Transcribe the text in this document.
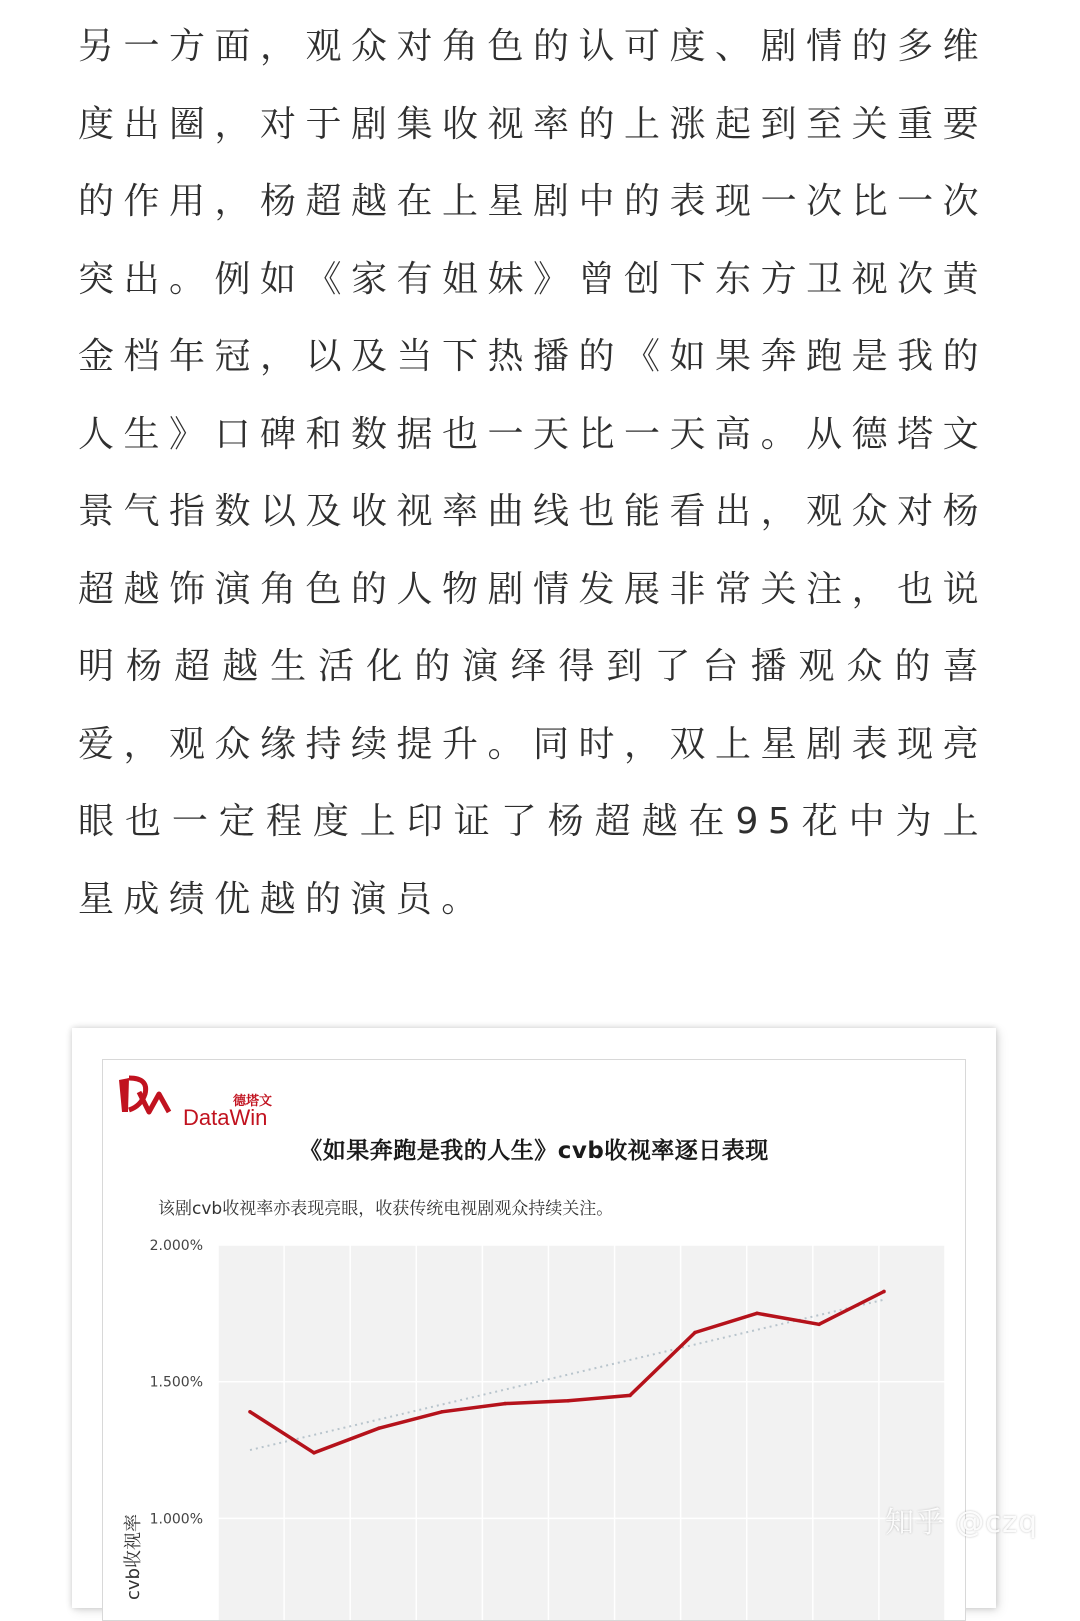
另一方面，观众对角色的认可度、剧情的多维度出圈，对于剧集收视率的上涨起到至关重要的作用，杨超越在上星剧中的表现一次比一次突出。例如《家有姐妹》曾创下东方卫视次黄金档年冠，以及当下热播的《如果奔跑是我的人生》口碑和数据也一天比一天高。从德塔文景气指数以及收视率曲线也能看出，观众对杨超越饰演角色的人物剧情发展非常关注，也说明杨超越生活化的演绎得到了台播观众的喜爱，观众缘持续提升。同时，双上星剧表现亮眼也一定程度上印证了杨超越在95花中为上星成绩优越的演员。

德塔文
DataWin
《如果奔跑是我的人生》cvb收视率逐日表现
该剧cvb收视率亦表现亮眼，收获传统电视剧观众持续关注。
2.000%
1.500%
1.000%
cvb收视率	知乎 @czq
